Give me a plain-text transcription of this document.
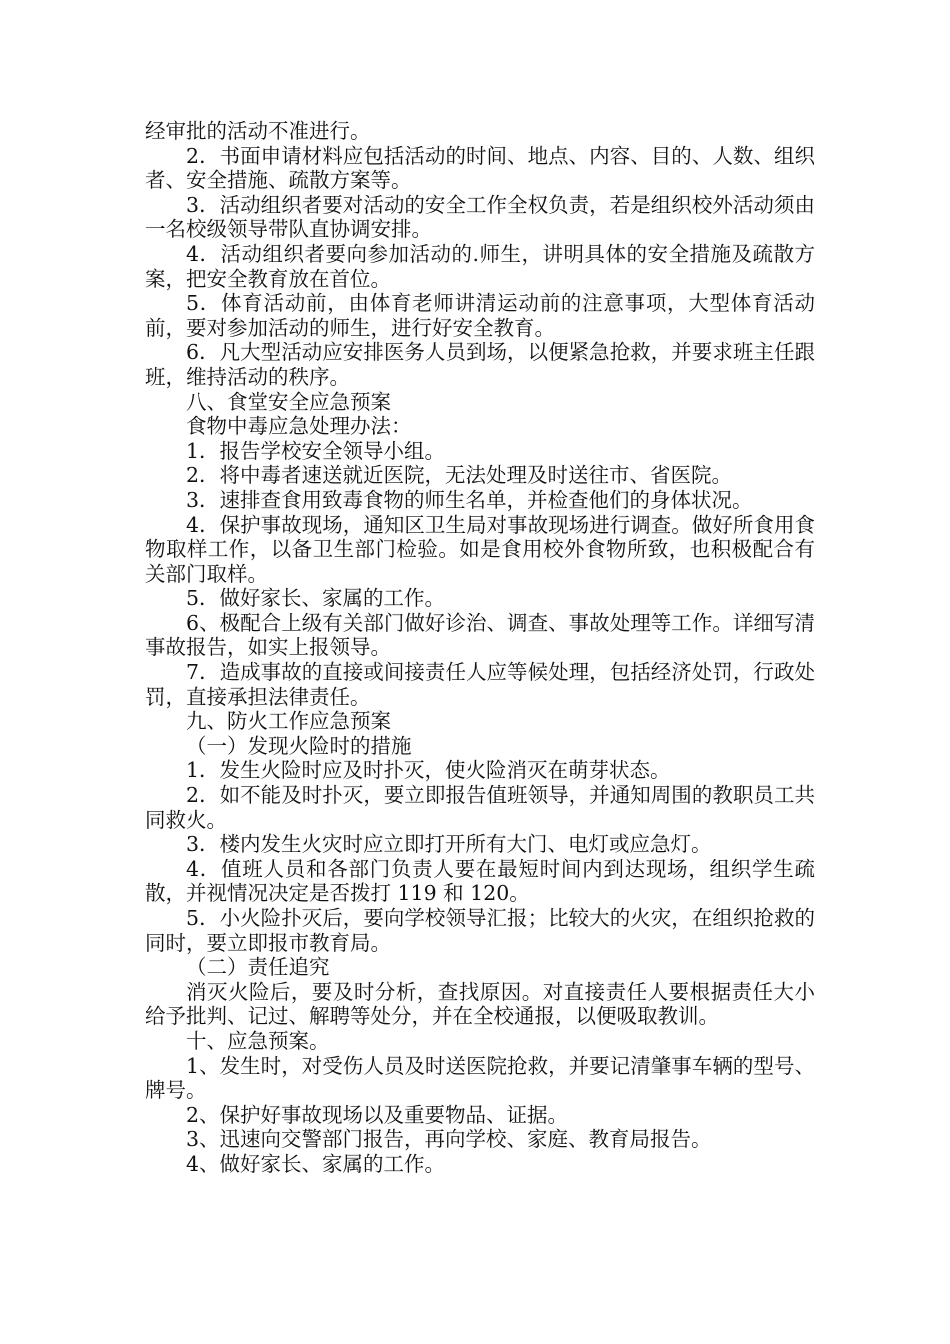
经审批的活动不准进行。

2．书面申请材料应包括活动的时间、地点、内容、目的、人数、组织者、安全措施、疏散方案等。

3．活动组织者要对活动的安全工作全权负责，若是组织校外活动须由一名校级领导带队直协调安排。

4．活动组织者要向参加活动的.师生，讲明具体的安全措施及疏散方案，把安全教育放在首位。

5．体育活动前，由体育老师讲清运动前的注意事项，大型体育活动前，要对参加活动的师生，进行好安全教育。

6．凡大型活动应安排医务人员到场，以便紧急抢救，并要求班主任跟班，维持活动的秩序。

八、食堂安全应急预案

食物中毒应急处理办法：

1．报告学校安全领导小组。

2．将中毒者速送就近医院，无法处理及时送往市、省医院。

3．速排查食用致毒食物的师生名单，并检查他们的身体状况。

4．保护事故现场，通知区卫生局对事故现场进行调查。做好所食用食物取样工作，以备卫生部门检验。如是食用校外食物所致，也积极配合有关部门取样。

5．做好家长、家属的工作。

6、极配合上级有关部门做好诊治、调查、事故处理等工作。详细写清事故报告，如实上报领导。

7．造成事故的直接或间接责任人应等候处理，包括经济处罚，行政处罚，直接承担法律责任。

九、防火工作应急预案

（一）发现火险时的措施

1．发生火险时应及时扑灭，使火险消灭在萌芽状态。

2．如不能及时扑灭，要立即报告值班领导，并通知周围的教职员工共同救火。

3．楼内发生火灾时应立即打开所有大门、电灯或应急灯。

4．值班人员和各部门负责人要在最短时间内到达现场，组织学生疏散，并视情况决定是否拨打 119 和 120。

5．小火险扑灭后，要向学校领导汇报；比较大的火灾，在组织抢救的同时，要立即报市教育局。

（二）责任追究

消灭火险后，要及时分析，查找原因。对直接责任人要根据责任大小给予批判、记过、解聘等处分，并在全校通报，以便吸取教训。

十、应急预案。

1、发生时，对受伤人员及时送医院抢救，并要记清肇事车辆的型号、牌号。

2、保护好事故现场以及重要物品、证据。

3、迅速向交警部门报告，再向学校、家庭、教育局报告。

4、做好家长、家属的工作。
